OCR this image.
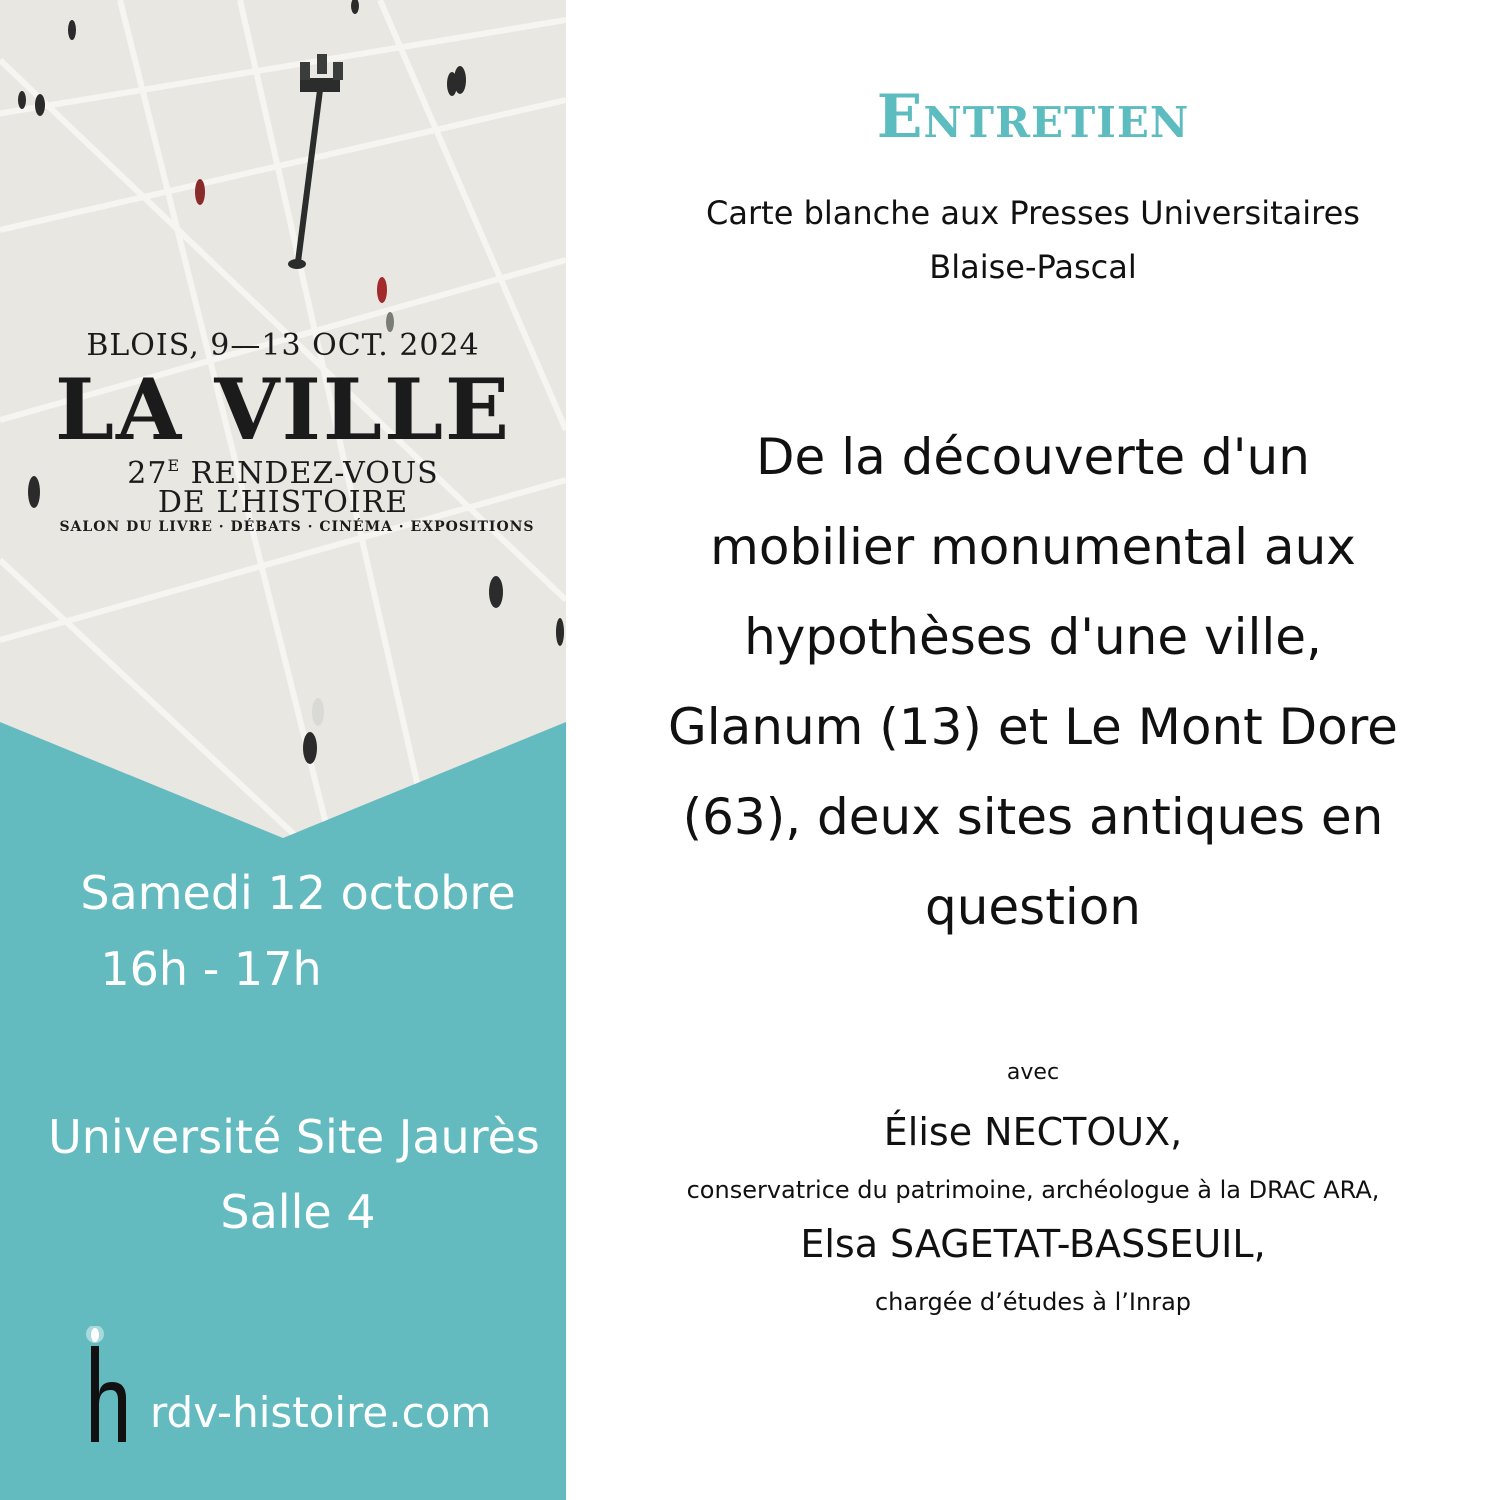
BLOIS, 9—13 OCT. 2024
LA VILLE
$27^E$ RENDEZ-VOUS
DE L’HISTOIRE
SALON DU LIVRE · DÉBATS · CINÉMA · EXPOSITIONS
Samedi 12 octobre
16h - 17h
Université Site Jaurès
Salle 4
rdv-histoire.com
Entretien
Carte blanche aux Presses Universitaires
Blaise-Pascal
De la découverte d'un
mobilier monumental aux
hypothèses d'une ville,
Glanum (13) et Le Mont Dore
(63), deux sites antiques en
question
avec
Élise NECTOUX,
conservatrice du patrimoine, archéologue à la DRAC ARA,
Elsa SAGETAT-BASSEUIL,
chargée d’études à l’Inrap
